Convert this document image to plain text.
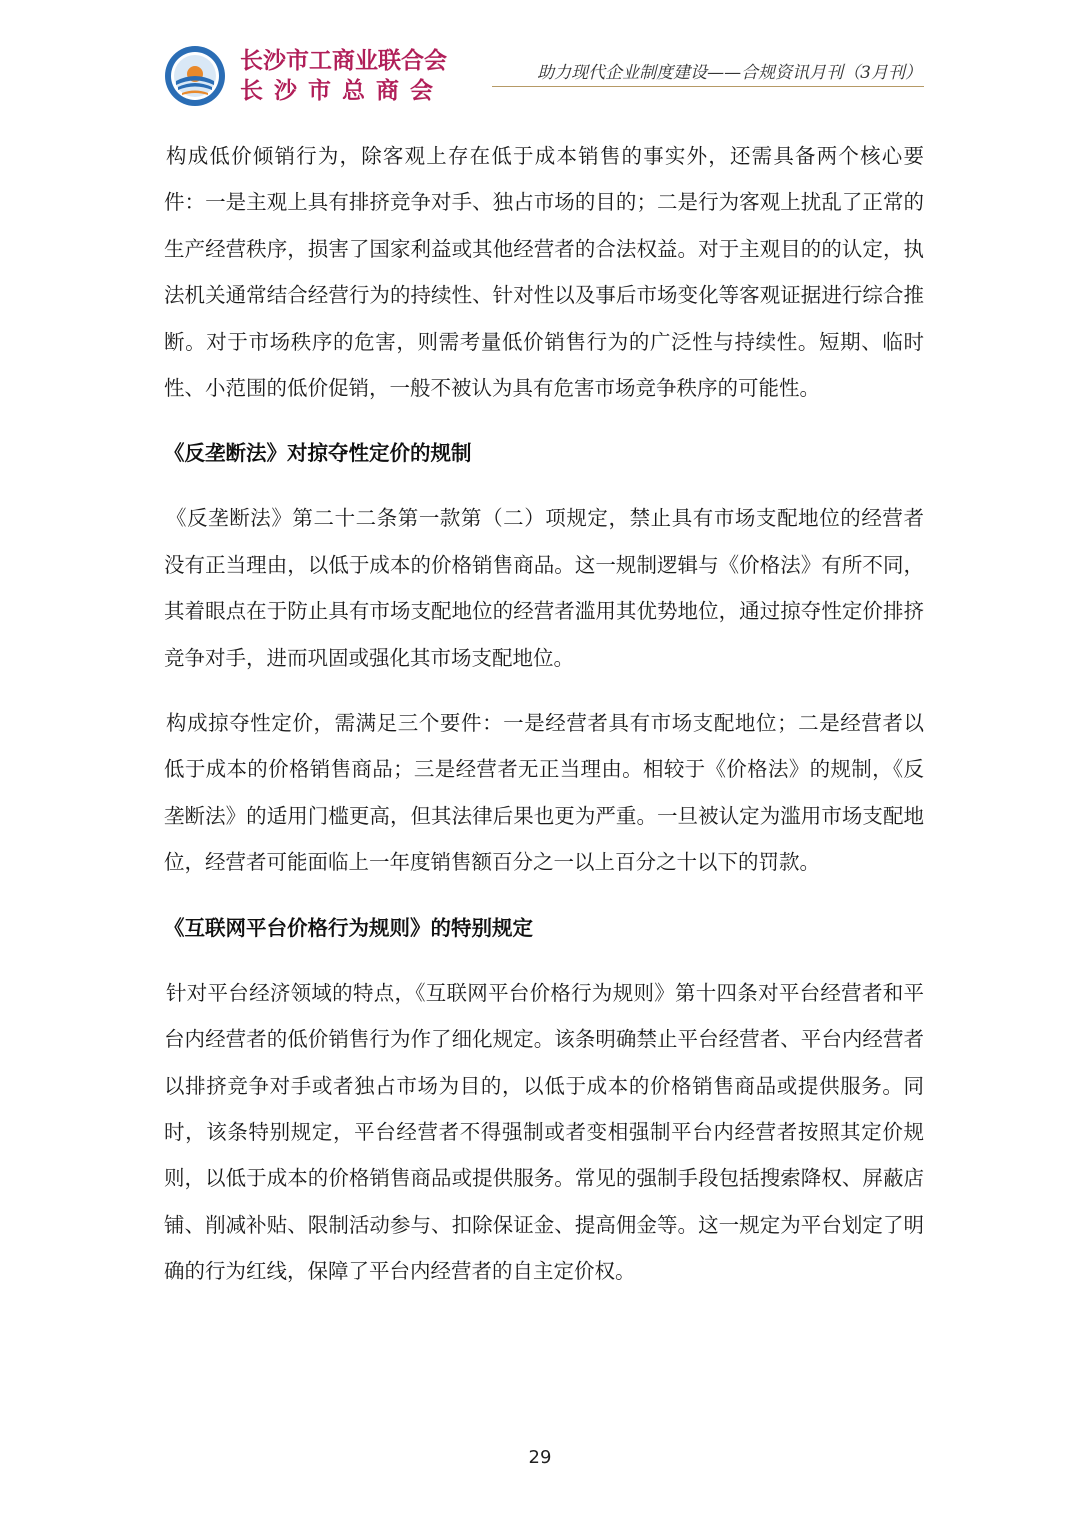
长沙市工商业联合会
长沙市总商会
助力现代企业制度建设——合规资讯月刊（3月刊）

构成低价倾销行为，除客观上存在低于成本销售的事实外，还需具备两个核心要件：一是主观上具有排挤竞争对手、独占市场的目的；二是行为客观上扰乱了正常的生产经营秩序，损害了国家利益或其他经营者的合法权益。对于主观目的的认定，执法机关通常结合经营行为的持续性、针对性以及事后市场变化等客观证据进行综合推断。对于市场秩序的危害，则需考量低价销售行为的广泛性与持续性。短期、临时性、小范围的低价促销，一般不被认为具有危害市场竞争秩序的可能性。

《反垄断法》对掠夺性定价的规制

《反垄断法》第二十二条第一款第（二）项规定，禁止具有市场支配地位的经营者没有正当理由，以低于成本的价格销售商品。这一规制逻辑与《价格法》有所不同，其着眼点在于防止具有市场支配地位的经营者滥用其优势地位，通过掠夺性定价排挤竞争对手，进而巩固或强化其市场支配地位。

构成掠夺性定价，需满足三个要件：一是经营者具有市场支配地位；二是经营者以低于成本的价格销售商品；三是经营者无正当理由。相较于《价格法》的规制，《反垄断法》的适用门槛更高，但其法律后果也更为严重。一旦被认定为滥用市场支配地位，经营者可能面临上一年度销售额百分之一以上百分之十以下的罚款。

《互联网平台价格行为规则》的特别规定

针对平台经济领域的特点，《互联网平台价格行为规则》第十四条对平台经营者和平台内经营者的低价销售行为作了细化规定。该条明确禁止平台经营者、平台内经营者以排挤竞争对手或者独占市场为目的，以低于成本的价格销售商品或提供服务。同时，该条特别规定，平台经营者不得强制或者变相强制平台内经营者按照其定价规则，以低于成本的价格销售商品或提供服务。常见的强制手段包括搜索降权、屏蔽店铺、削减补贴、限制活动参与、扣除保证金、提高佣金等。这一规定为平台划定了明确的行为红线，保障了平台内经营者的自主定价权。

29
